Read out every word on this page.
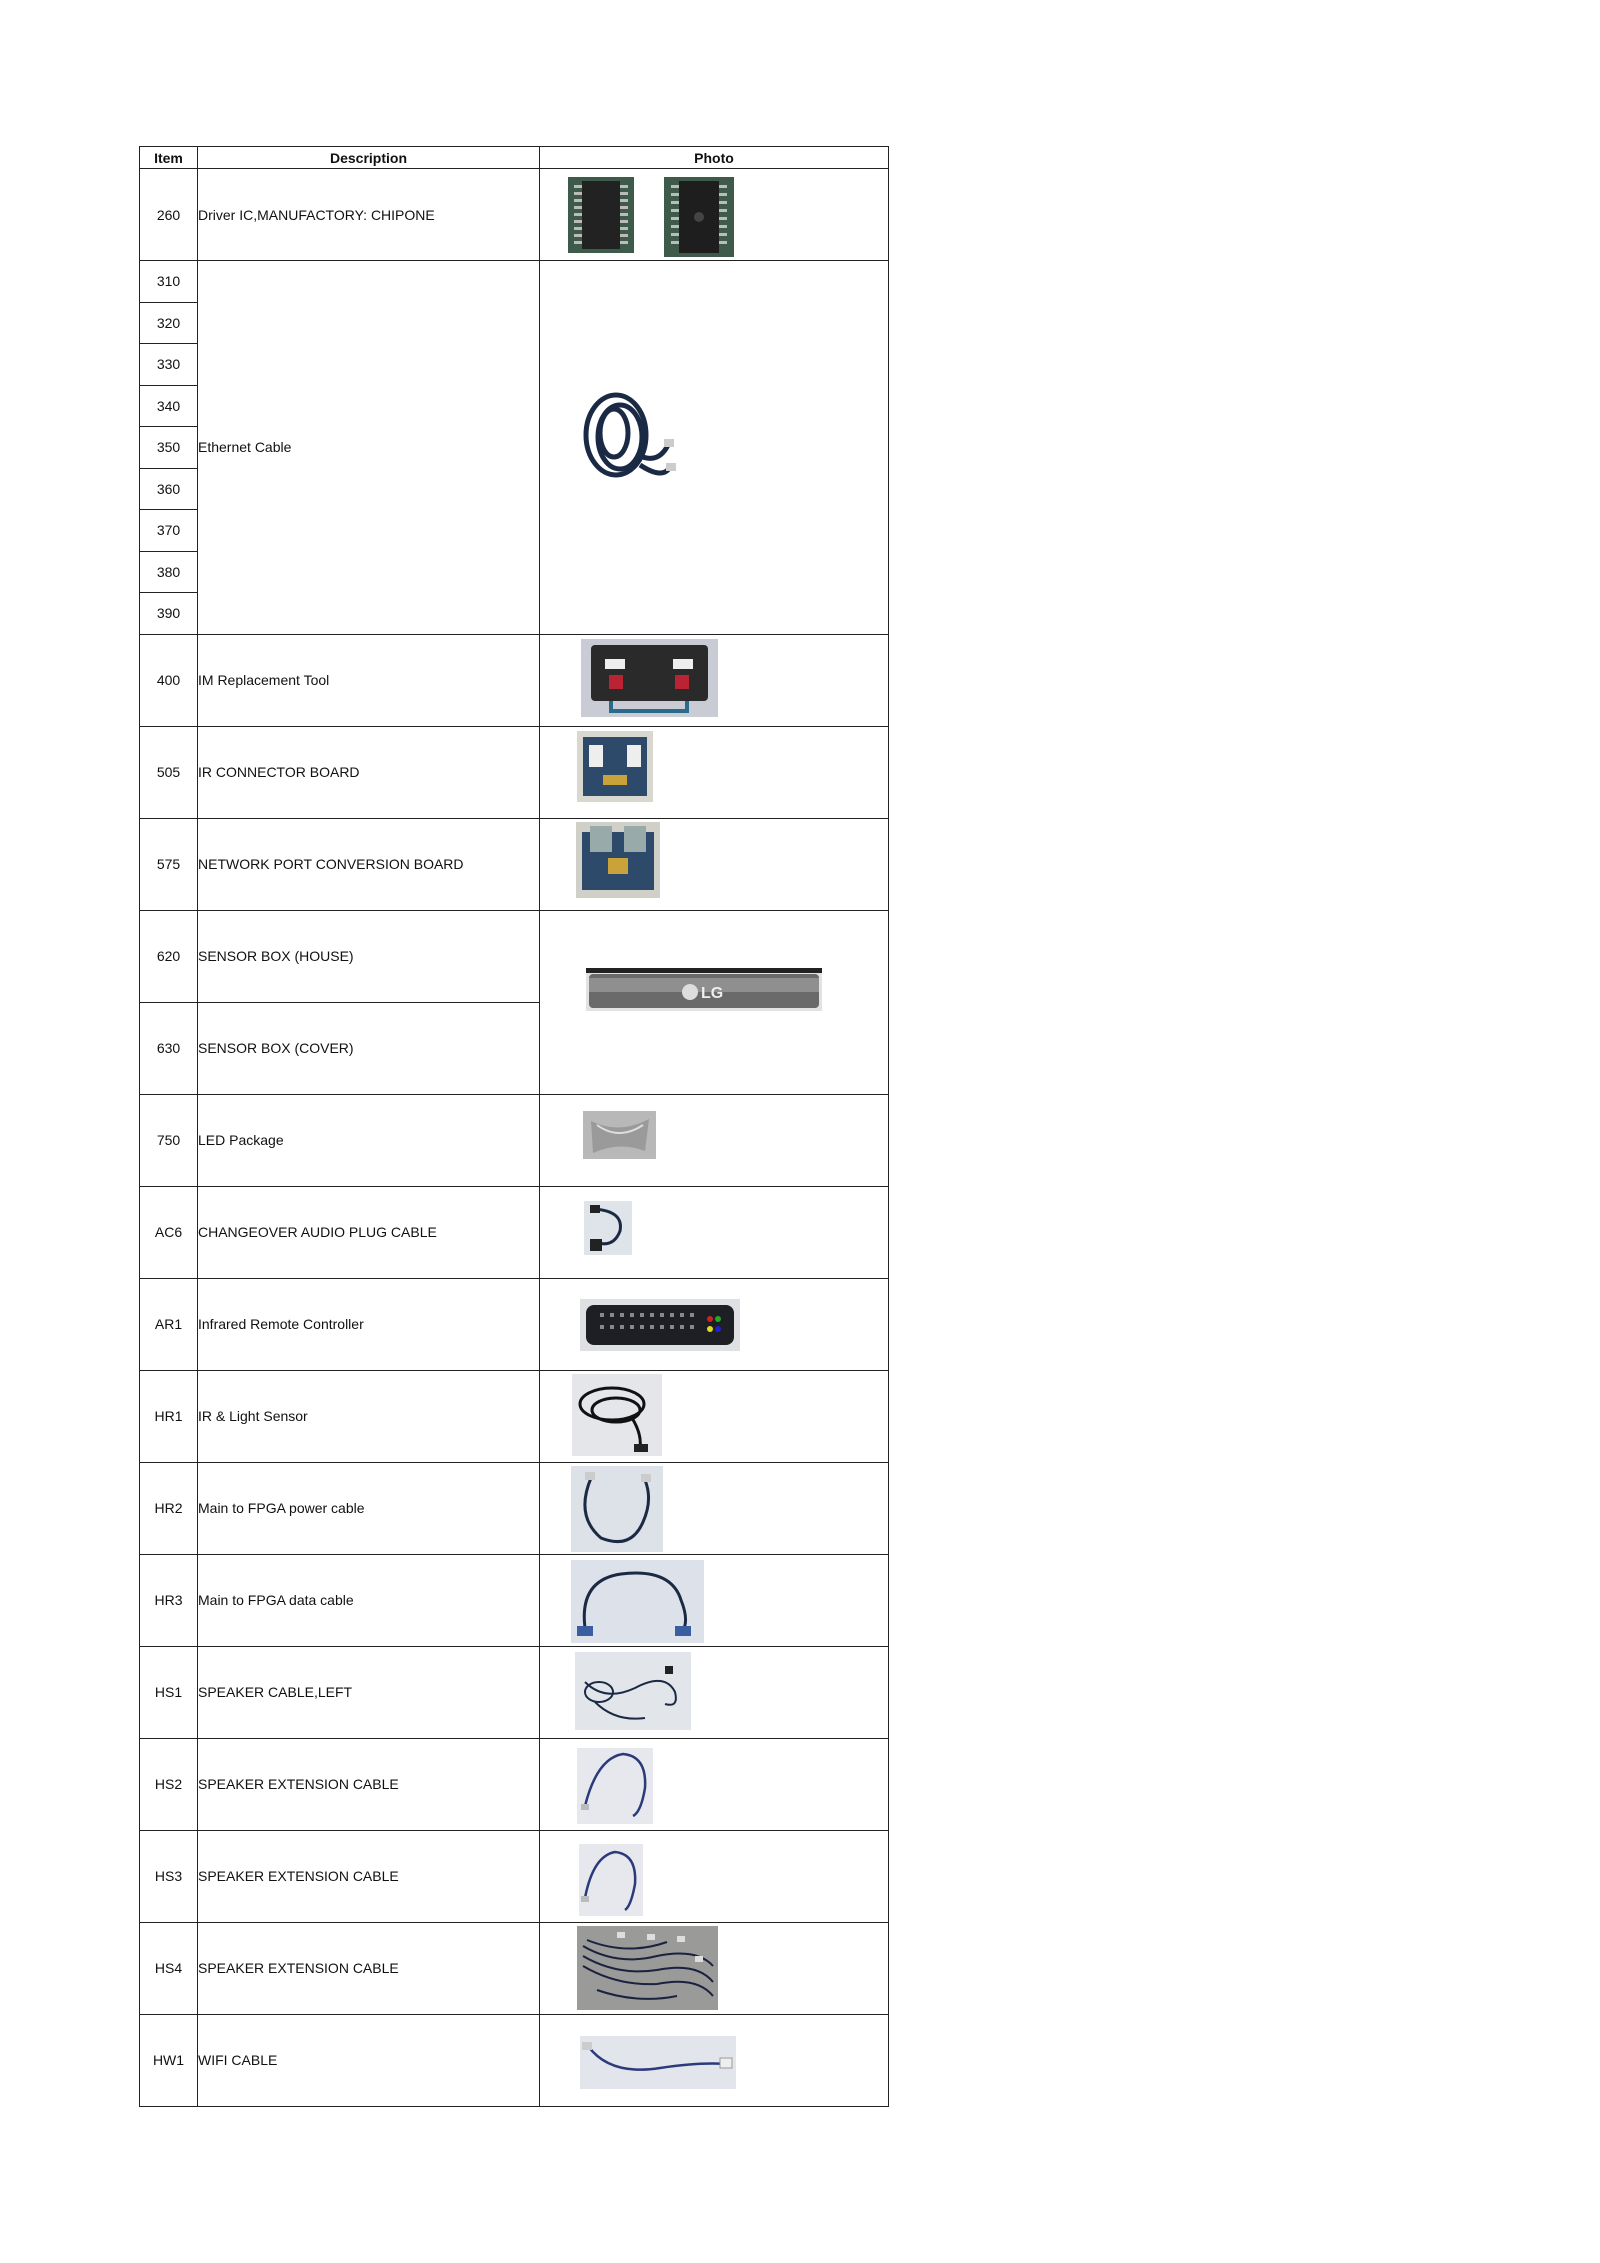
Item	Description	Photo
260	Driver IC,MANUFACTORY: CHIPONE	

310	Ethernet Cable	

320		
330		
340		
350		
360		
370		
380		
390		
400	IM Replacement Tool	

505	IR CONNECTOR BOARD	

575	NETWORK PORT CONVERSION BOARD	

620	SENSOR BOX (HOUSE)	LG

630	SENSOR BOX (COVER)	
750	LED Package	

AC6	CHANGEOVER AUDIO PLUG CABLE	

AR1	Infrared Remote Controller	

HR1	IR & Light Sensor	

HR2	Main to FPGA power cable	

HR3	Main to FPGA data cable	

HS1	SPEAKER CABLE,LEFT	

HS2	SPEAKER EXTENSION CABLE	

HS3	SPEAKER EXTENSION CABLE	

HS4	SPEAKER EXTENSION CABLE	

HW1	WIFI CABLE	
